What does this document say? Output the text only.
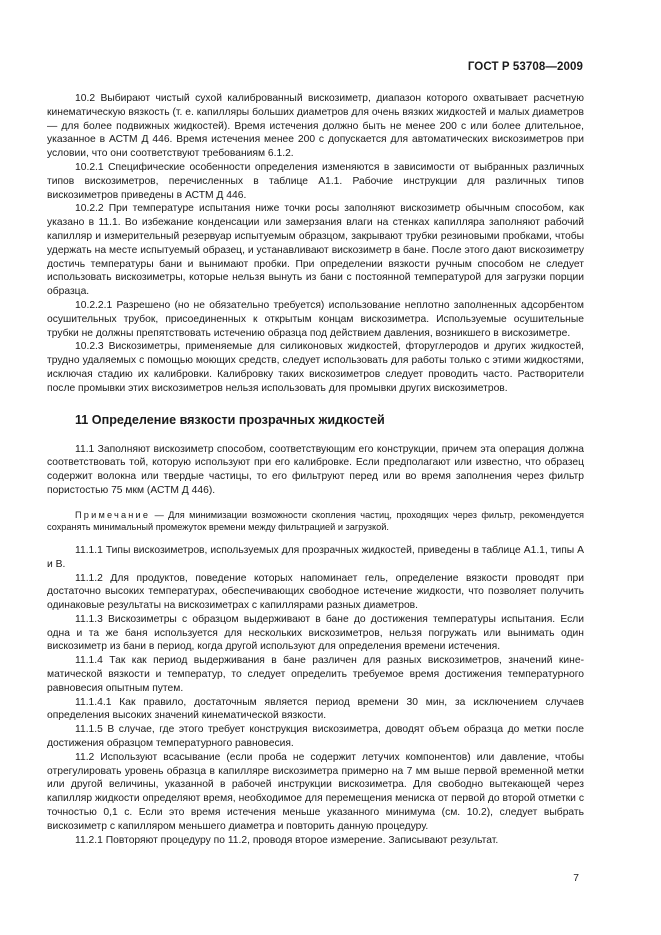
ГОСТ Р 53708—2009

10.2 Выбирают чистый сухой калиброванный вискозиметр, диапазон которого охватывает расчетную кинематическую вязкость (т. е. капилляры больших диаметров для очень вязких жидкостей и малых диаметров — для более подвижных жидкостей). Время истечения должно быть не менее 200 с или более длительное, указанное в АСТМ Д 446. Время истечения менее 200 с допускается для автоматических вискозиметров при условии, что они соответствуют требованиям 6.1.2.

10.2.1 Специфические особенности определения изменяются в зависимости от выбранных различных типов вискозиметров, перечисленных в таблице А1.1. Рабочие инструкции для различных типов вискозиметров приведены в АСТМ Д 446.

10.2.2 При температуре испытания ниже точки росы заполняют вискозиметр обычным способом, как указано в 11.1. Во избежание конденсации или замерзания влаги на стенках капилляра заполняют рабочий капилляр и измерительный резервуар испытуемым образцом, закрывают трубки резиновыми пробками, чтобы удержать на месте испытуемый образец, и устанавливают вискозиметр в бане. После этого дают вискозиметру достичь температуры бани и вынимают пробки. При определении вязкости ручным способом не следует использовать вискозиметры, которые нельзя вынуть из бани с постоянной температурой для загрузки порции образца.

10.2.2.1 Разрешено (но не обязательно требуется) использование неплотно заполненных адсорбентом осушительных трубок, присоединенных к открытым концам вискозиметра. Используемые осушительные трубки не должны препятствовать истечению образца под действием давления, возникшего в вискозиметре.

10.2.3 Вискозиметры, применяемые для силиконовых жидкостей, фторуглеродов и других жидкостей, трудно удаляемых с помощью моющих средств, следует использовать для работы только с этими жидкостями, исключая стадию их калибровки. Калибровку таких вискозиметров следует проводить часто. Растворители после промывки этих вискозиметров нельзя использовать для промывки других вискозиметров.

11 Определение вязкости прозрачных жидкостей

11.1 Заполняют вискозиметр способом, соответствующим его конструкции, причем эта операция должна соответствовать той, которую используют при его калибровке. Если предполагают или известно, что образец содержит волокна или твердые частицы, то его фильтруют перед или во время заполнения через фильтр пористостью 75 мкм (АСТМ Д 446).

Примечание — Для минимизации возможности скопления частиц, проходящих через фильтр, рекомендуется сохранять минимальный промежуток времени между фильтрацией и загрузкой.

11.1.1 Типы вискозиметров, используемых для прозрачных жидкостей, приведены в таблице А1.1, типы А и В.

11.1.2 Для продуктов, поведение которых напоминает гель, определение вязкости проводят при достаточно высоких температурах, обеспечивающих свободное истечение жидкости, что позволяет получить одинаковые результаты на вискозиметрах с капиллярами разных диаметров.

11.1.3 Вискозиметры с образцом выдерживают в бане до достижения температуры испытания. Если одна и та же баня используется для нескольких вискозиметров, нельзя погружать или вынимать один вискозиметр из бани в период, когда другой используют для определения времени истечения.

11.1.4 Так как период выдерживания в бане различен для разных вискозиметров, значений кинематической вязкости и температур, то следует определить требуемое время достижения температурного равновесия опытным путем.

11.1.4.1 Как правило, достаточным является период времени 30 мин, за исключением случаев определения высоких значений кинематической вязкости.

11.1.5 В случае, где этого требует конструкция вискозиметра, доводят объем образца до метки после достижения образцом температурного равновесия.

11.2 Используют всасывание (если проба не содержит летучих компонентов) или давление, чтобы отрегулировать уровень образца в капилляре вискозиметра примерно на 7 мм выше первой временной метки или другой величины, указанной в рабочей инструкции вискозиметра. Для свободно вытекающей через капилляр жидкости определяют время, необходимое для перемещения мениска от первой до второй отметки с точностью 0,1 с. Если это время истечения меньше указанного минимума (см. 10.2), следует выбрать вискозиметр с капилляром меньшего диаметра и повторить данную процедуру.

11.2.1 Повторяют процедуру по 11.2, проводя второе измерение. Записывают результат.

7
